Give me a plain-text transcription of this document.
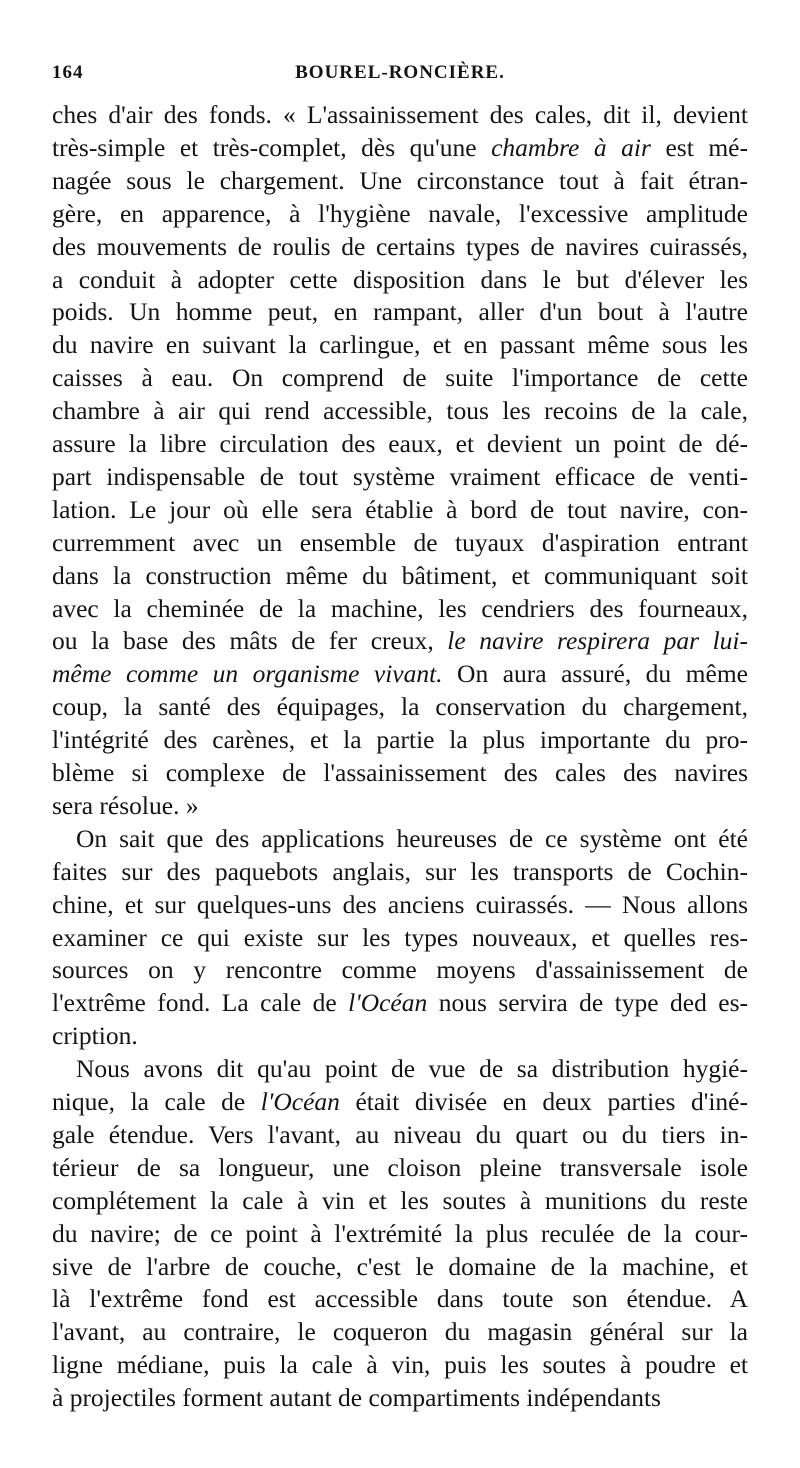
164	BOUREL-RONCIÈRE.
ches d'air des fonds. « L'assainissement des cales, dit il, devient
très-simple et très-complet, dès qu'une chambre à air est mé-
nagée sous le chargement. Une circonstance tout à fait étran-
gère, en apparence, à l'hygiène navale, l'excessive amplitude
des mouvements de roulis de certains types de navires cuirassés,
a conduit à adopter cette disposition dans le but d'élever les
poids. Un homme peut, en rampant, aller d'un bout à l'autre
du navire en suivant la carlingue, et en passant même sous les
caisses à eau. On comprend de suite l'importance de cette
chambre à air qui rend accessible, tous les recoins de la cale,
assure la libre circulation des eaux, et devient un point de dé-
part indispensable de tout système vraiment efficace de venti-
lation. Le jour où elle sera établie à bord de tout navire, con-
curremment avec un ensemble de tuyaux d'aspiration entrant
dans la construction même du bâtiment, et communiquant soit
avec la cheminée de la machine, les cendriers des fourneaux,
ou la base des mâts de fer creux, le navire respirera par lui-
même comme un organisme vivant. On aura assuré, du même
coup, la santé des équipages, la conservation du chargement,
l'intégrité des carènes, et la partie la plus importante du pro-
blème si complexe de l'assainissement des cales des navires
sera résolue. »
On sait que des applications heureuses de ce système ont été
faites sur des paquebots anglais, sur les transports de Cochin-
chine, et sur quelques-uns des anciens cuirassés. — Nous allons
examiner ce qui existe sur les types nouveaux, et quelles res-
sources on y rencontre comme moyens d'assainissement de
l'extrême fond. La cale de l'Océan nous servira de type ded es-
cription.
Nous avons dit qu'au point de vue de sa distribution hygié-
nique, la cale de l'Océan était divisée en deux parties d'iné-
gale étendue. Vers l'avant, au niveau du quart ou du tiers in-
térieur de sa longueur, une cloison pleine transversale isole
complétement la cale à vin et les soutes à munitions du reste
du navire; de ce point à l'extrémité la plus reculée de la cour-
sive de l'arbre de couche, c'est le domaine de la machine, et
là l'extrême fond est accessible dans toute son étendue. A
l'avant, au contraire, le coqueron du magasin général sur la
ligne médiane, puis la cale à vin, puis les soutes à poudre et
à projectiles forment autant de compartiments indépendants
